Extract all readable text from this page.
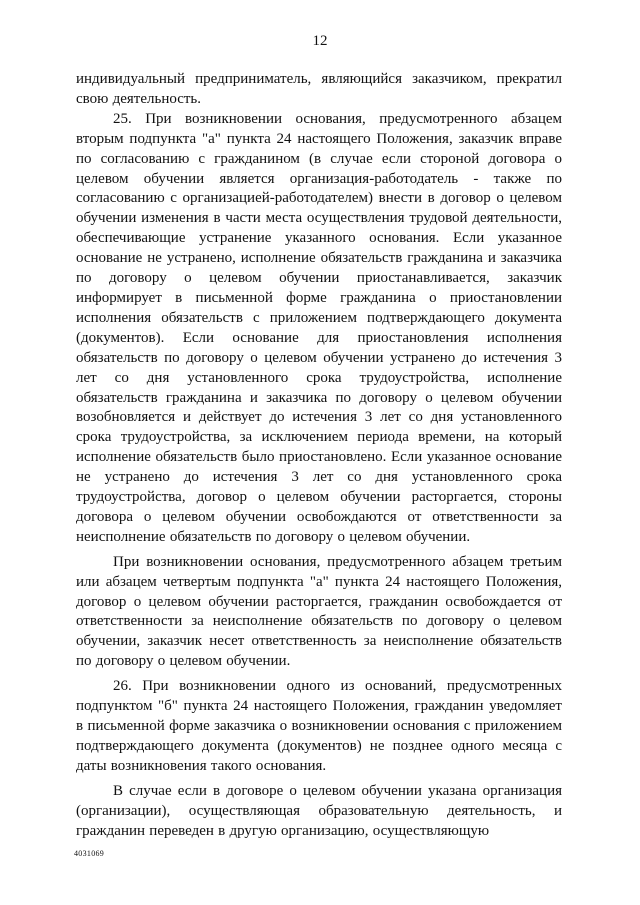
12

индивидуальный предприниматель, являющийся заказчиком, прекратил свою деятельность.

25. При возникновении основания, предусмотренного абзацем вторым подпункта "а" пункта 24 настоящего Положения, заказчик вправе по согласованию с гражданином (в случае если стороной договора о целевом обучении является организация-работодатель - также по согласованию с организацией-работодателем) внести в договор о целевом обучении изменения в части места осуществления трудовой деятельности, обеспечивающие устранение указанного основания. Если указанное основание не устранено, исполнение обязательств гражданина и заказчика по договору о целевом обучении приостанавливается, заказчик информирует в письменной форме гражданина о приостановлении исполнения обязательств с приложением подтверждающего документа (документов). Если основание для приостановления исполнения обязательств по договору о целевом обучении устранено до истечения 3 лет со дня установленного срока трудоустройства, исполнение обязательств гражданина и заказчика по договору о целевом обучении возобновляется и действует до истечения 3 лет со дня установленного срока трудоустройства, за исключением периода времени, на который исполнение обязательств было приостановлено. Если указанное основание не устранено до истечения 3 лет со дня установленного срока трудоустройства, договор о целевом обучении расторгается, стороны договора о целевом обучении освобождаются от ответственности за неисполнение обязательств по договору о целевом обучении.

При возникновении основания, предусмотренного абзацем третьим или абзацем четвертым подпункта "а" пункта 24 настоящего Положения, договор о целевом обучении расторгается, гражданин освобождается от ответственности за неисполнение обязательств по договору о целевом обучении, заказчик несет ответственность за неисполнение обязательств по договору о целевом обучении.

26. При возникновении одного из оснований, предусмотренных подпунктом "б" пункта 24 настоящего Положения, гражданин уведомляет в письменной форме заказчика о возникновении основания с приложением подтверждающего документа (документов) не позднее одного месяца с даты возникновения такого основания.

В случае если в договоре о целевом обучении указана организация (организации), осуществляющая образовательную деятельность, и гражданин переведен в другую организацию, осуществляющую

4031069
